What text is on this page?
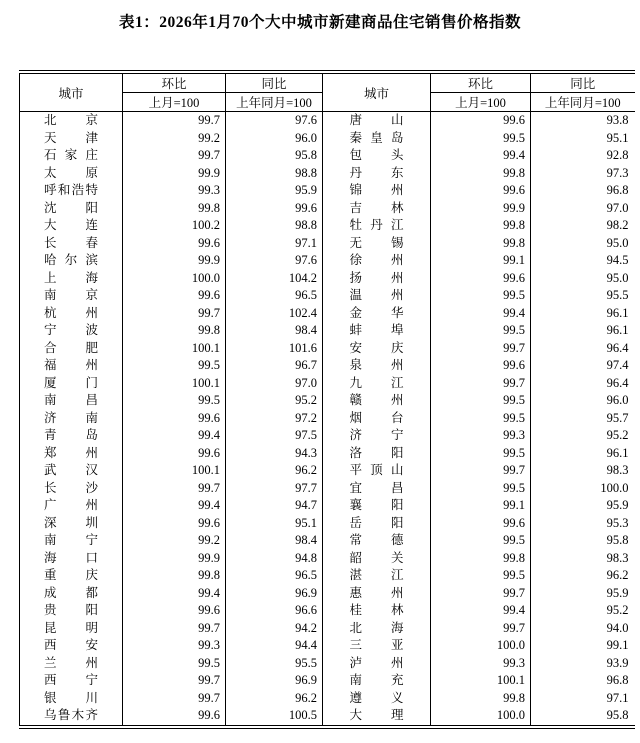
表1：2026年1月70个大中城市新建商品住宅销售价格指数
城市	环比	同比	城市	环比	同比
	上月=100	上年同月=100		上月=100	上年同月=100

北 京	99.7	97.6	唐 山	99.6	93.8

天 津	99.2	96.0	秦 皇 岛	99.5	95.1

石 家 庄	99.7	95.8	包 头	99.4	92.8

太 原	99.9	98.8	丹 东	99.8	97.3

呼 和 浩 特	99.3	95.9	锦 州	99.6	96.8

沈 阳	99.8	99.6	吉 林	99.9	97.0

大 连	100.2	98.8	牡 丹 江	99.8	98.2

长 春	99.6	97.1	无 锡	99.8	95.0

哈 尔 滨	99.9	97.6	徐 州	99.1	94.5

上 海	100.0	104.2	扬 州	99.6	95.0

南 京	99.6	96.5	温 州	99.5	95.5

杭 州	99.7	102.4	金 华	99.4	96.1

宁 波	99.8	98.4	蚌 埠	99.5	96.1

合 肥	100.1	101.6	安 庆	99.7	96.4

福 州	99.5	96.7	泉 州	99.6	97.4

厦 门	100.1	97.0	九 江	99.7	96.4

南 昌	99.5	95.2	赣 州	99.5	96.0

济 南	99.6	97.2	烟 台	99.5	95.7

青 岛	99.4	97.5	济 宁	99.3	95.2

郑 州	99.6	94.3	洛 阳	99.5	96.1

武 汉	100.1	96.2	平 顶 山	99.7	98.3

长 沙	99.7	97.7	宜 昌	99.5	100.0

广 州	99.4	94.7	襄 阳	99.1	95.9

深 圳	99.6	95.1	岳 阳	99.6	95.3

南 宁	99.2	98.4	常 德	99.5	95.8

海 口	99.9	94.8	韶 关	99.8	98.3

重 庆	99.8	96.5	湛 江	99.5	96.2

成 都	99.4	96.9	惠 州	99.7	95.9

贵 阳	99.6	96.6	桂 林	99.4	95.2

昆 明	99.7	94.2	北 海	99.7	94.0

西 安	99.3	94.4	三 亚	100.0	99.1

兰 州	99.5	95.5	泸 州	99.3	93.9

西 宁	99.7	96.9	南 充	100.1	96.8

银 川	99.7	96.2	遵 义	99.8	97.1

乌 鲁 木 齐	99.6	100.5	大 理	100.0	95.8
